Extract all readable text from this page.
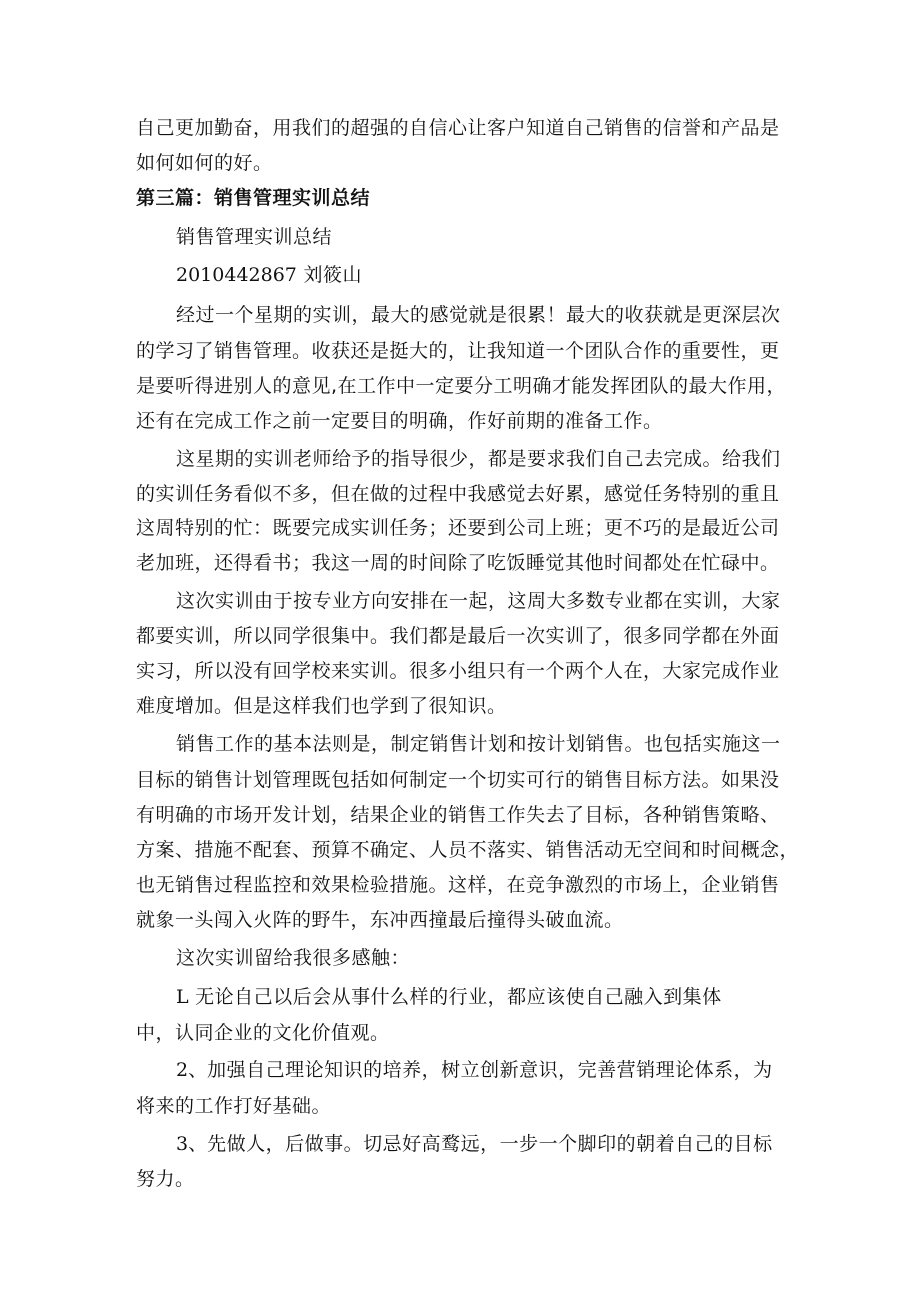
自己更加勤奋，用我们的超强的自信心让客户知道自己销售的信誉和产品是
如何如何的好。
第三篇：销售管理实训总结
销售管理实训总结
2010442867 刘筱山
经过一个星期的实训，最大的感觉就是很累！最大的收获就是更深层次
的学习了销售管理。收获还是挺大的，让我知道一个团队合作的重要性，更
是要听得进别人的意见,在工作中一定要分工明确才能发挥团队的最大作用，
还有在完成工作之前一定要目的明确，作好前期的准备工作。
这星期的实训老师给予的指导很少，都是要求我们自己去完成。给我们
的实训任务看似不多，但在做的过程中我感觉去好累，感觉任务特别的重且
这周特别的忙：既要完成实训任务；还要到公司上班；更不巧的是最近公司
老加班，还得看书；我这一周的时间除了吃饭睡觉其他时间都处在忙碌中。
这次实训由于按专业方向安排在一起，这周大多数专业都在实训，大家
都要实训，所以同学很集中。我们都是最后一次实训了，很多同学都在外面
实习，所以没有回学校来实训。很多小组只有一个两个人在，大家完成作业
难度增加。但是这样我们也学到了很知识。
销售工作的基本法则是，制定销售计划和按计划销售。也包括实施这一
目标的销售计划管理既包括如何制定一个切实可行的销售目标方法。如果没
有明确的市场开发计划，结果企业的销售工作失去了目标，各种销售策略、
方案、措施不配套、预算不确定、人员不落实、销售活动无空间和时间概念，
也无销售过程监控和效果检验措施。这样，在竞争激烈的市场上，企业销售
就象一头闯入火阵的野牛，东冲西撞最后撞得头破血流。
这次实训留给我很多感触：
L 无论自己以后会从事什么样的行业，都应该使自己融入到集体
中，认同企业的文化价值观。
2、加强自己理论知识的培养，树立创新意识，完善营销理论体系，为
将来的工作打好基础。
3、先做人，后做事。切忌好高鹜远，一步一个脚印的朝着自己的目标
努力。
